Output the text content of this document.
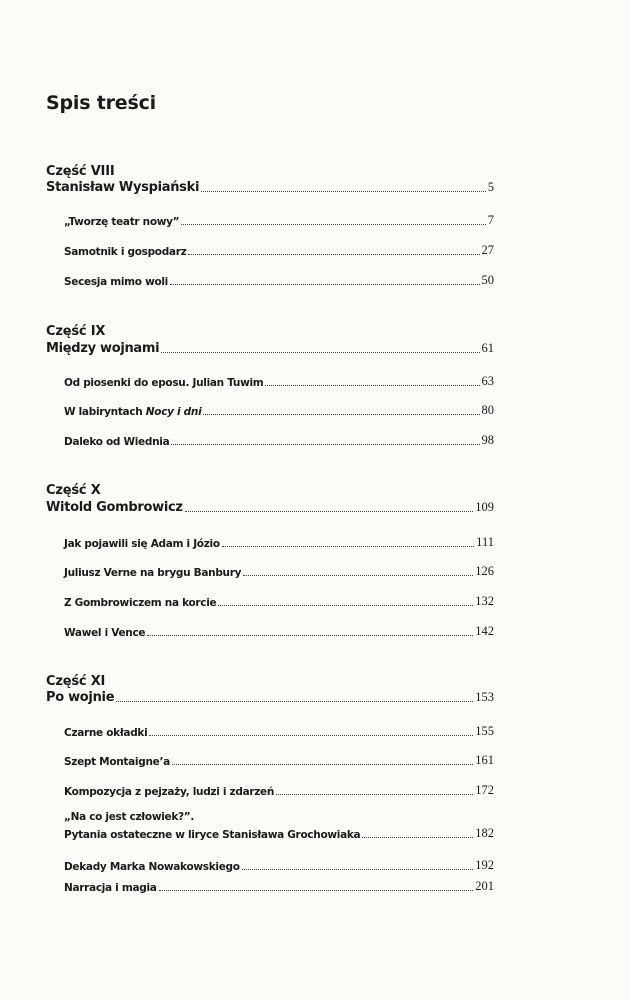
Spis treści
Część VIII
Stanisław Wyspiański	5
„Tworzę teatr nowy”	7
Samotnik i gospodarz	27
Secesja mimo woli	50
Część IX
Między wojnami	61
Od piosenki do eposu. Julian Tuwim	63
W labiryntach Nocy i dni	80
Daleko od Wiednia	98
Część X
Witold Gombrowicz	109
Jak pojawili się Adam i Józio	111
Juliusz Verne na brygu Banbury	126
Z Gombrowiczem na korcie	132
Wawel i Vence	142
Część XI
Po wojnie	153
Czarne okładki	155
Szept Montaigne’a	161
Kompozycja z pejzaży, ludzi i zdarzeń	172
„Na co jest człowiek?”.
Pytania ostateczne w liryce Stanisława Grochowiaka	182
Dekady Marka Nowakowskiego	192
Narracja i magia	201
